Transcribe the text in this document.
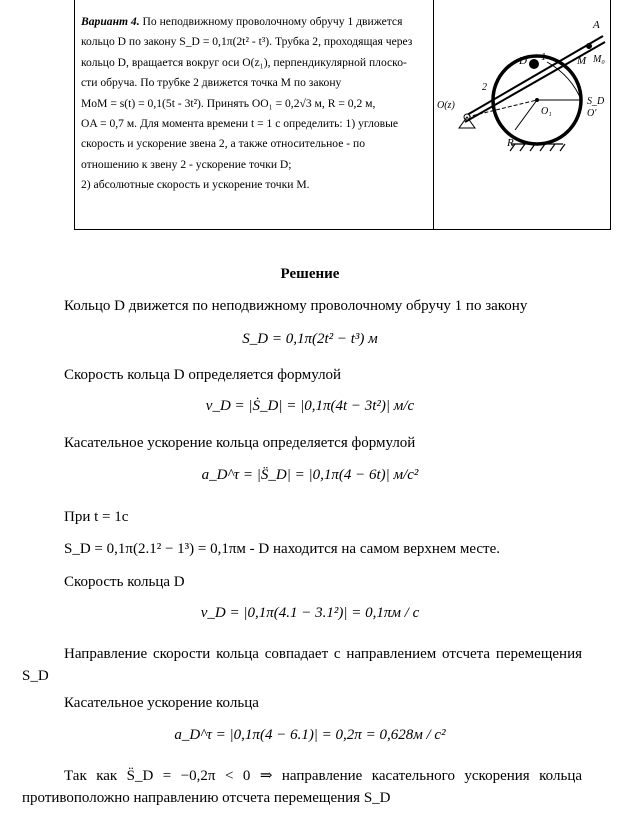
Вариант 4. По неподвижному проволочному обручу 1 движется
кольцо D по закону S_D = 0,1π(2t² - t³). Трубка 2, проходящая через
кольцо D, вращается вокруг оси O(z₁), перпендикулярной плоско-
сти обруча. По трубке 2 движется точка M по закону
MoM = s(t) = 0,1(5t - 3t²). Принять OO₁ = 0,2√3 м, R = 0,2 м,
OA = 0,7 м. Для момента времени t = 1 с определить: 1) угловые
скорость и ускорение звена 2, а также относительное - по
отношению к звену 2 - ускорение точки D;
2) абсолютные скорость и ускорение точки M.
A
M M₀
D 1
2
S_D
O(z)
O₁	O'
R
Решение
Кольцо D движется по неподвижному проволочному обручу 1 по закону
S_D = 0,1π(2t² − t³) м
Скорость кольца D определяется формулой
v_D = |Ṡ_D| = |0,1π(4t − 3t²)| м/с
Касательное ускорение кольца определяется формулой
a_D^τ = |S̈_D| = |0,1π(4 − 6t)| м/с²
При t = 1c
S_D = 0,1π(2.1² − 1³) = 0,1πм - D находится на самом верхнем месте.
Скорость кольца D
v_D = |0,1π(4.1 − 3.1²)| = 0,1πм / c
Направление скорости кольца совпадает с направлением отсчета перемещения S_D
Касательное ускорение кольца
a_D^τ = |0,1π(4 − 6.1)| = 0,2π = 0,628м / c²
Так как S̈_D = −0,2π < 0 ⇒ направление касательного ускорения кольца противоположно направлению отсчета перемещения S_D
